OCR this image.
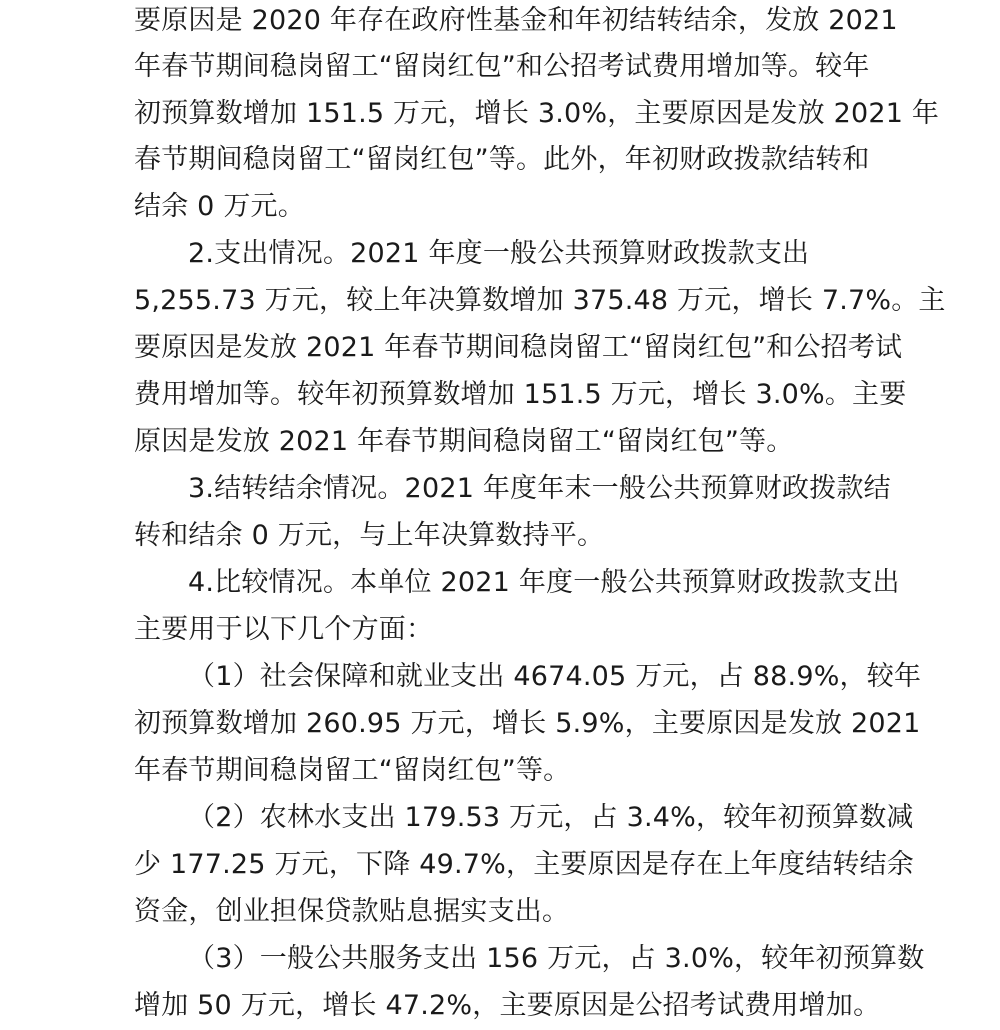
要原因是 2020 年存在政府性基金和年初结转结余，发放 2021
年春节期间稳岗留工“留岗红包”和公招考试费用增加等。较年
初预算数增加 151.5 万元，增长 3.0%，主要原因是发放 2021 年
春节期间稳岗留工“留岗红包”等。此外，年初财政拨款结转和
结余 0 万元。
2.支出情况。2021 年度一般公共预算财政拨款支出
5,255.73 万元，较上年决算数增加 375.48 万元，增长 7.7%。主
要原因是发放 2021 年春节期间稳岗留工“留岗红包”和公招考试
费用增加等。较年初预算数增加 151.5 万元，增长 3.0%。主要
原因是发放 2021 年春节期间稳岗留工“留岗红包”等。
3.结转结余情况。2021 年度年末一般公共预算财政拨款结
转和结余 0 万元，与上年决算数持平。
4.比较情况。本单位 2021 年度一般公共预算财政拨款支出
主要用于以下几个方面：
（1）社会保障和就业支出 4674.05 万元，占 88.9%，较年
初预算数增加 260.95 万元，增长 5.9%，主要原因是发放 2021
年春节期间稳岗留工“留岗红包”等。
（2）农林水支出 179.53 万元，占 3.4%，较年初预算数减
少 177.25 万元，下降 49.7%，主要原因是存在上年度结转结余
资金，创业担保贷款贴息据实支出。
（3）一般公共服务支出 156 万元，占 3.0%，较年初预算数
增加 50 万元，增长 47.2%，主要原因是公招考试费用增加。
